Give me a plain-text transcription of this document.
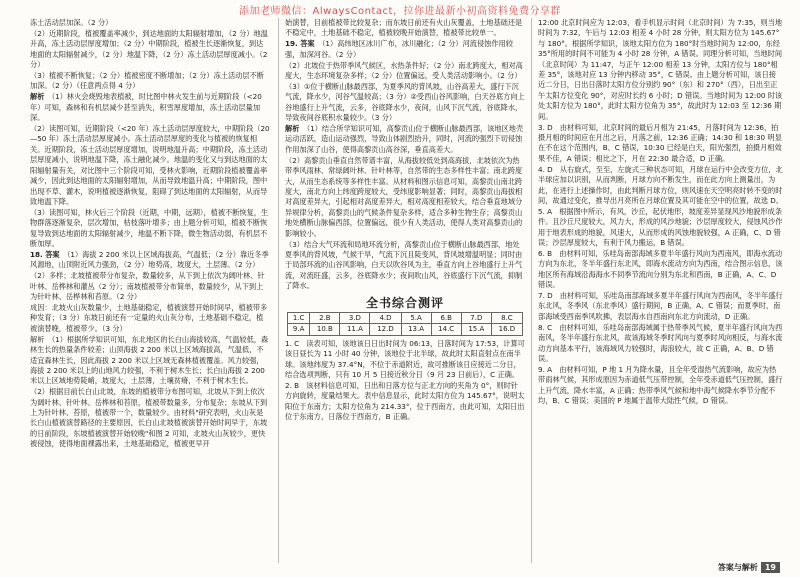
添加老师微信：AlwaysContact，拉你进最新小初高资料免费分享群

冻土活动层加深。（2 分）

（2）近期阶段，植被覆盖率减少，到达地面的太阳辐射增加，（2 分）地温升高，冻土活动层厚度增加；（2 分）中期阶段，植被生长逐渐恢复，到达地面的太阳辐射减少，（2 分）地温下降，（2 分）冻土活动层厚度减小。（2 分）

（3）植被不断恢复；（2 分）植被密度不断增加；（2 分）冻土活动层不断加深。（2 分）（任意两点得 4 分）

解析　（1）林火会烧毁地表植被，时比图中林火发生前与近期阶段（<20 年）可知，森林和有机层减少甚至消失，积雪厚度增加，冻土活动层量加深。

（2）读图可知，近期阶段（<20 年）冻土活动层厚度较大，中期阶段（20—50 年）冻土活动层厚度减小。冻土活动层厚度的变化与植被的恢复相关。近期阶段，冻土活动层厚度增加，说明地温升高；中期阶段，冻土活动层厚度减小，说明地温下降，冻土融化减少。地温的变化又与到达地面的太阳辐射量有关，对比图中三个阶段可知，受林火影响，近期阶段植被覆盖率减少，因此到达地面的太阳辐射增加，从而导致地温升高；中期阶段，图中出现不草、灌木，说明植被逐渐恢复，阻碍了到达地面的太阳辐射，从而导致地温下降。

（3）读图可知，林火后三个阶段（近期，中期，远期），植被不断恢复，生物群落逐渐复杂，层次增加，枯枝落叶增多；由上题分析可知，植被不断恢复导致到达地面的太阳辐射减少，地温不断下降，微生物活动弱，有机层不断加厚。

18. 答案　（1）海拔 2 200 米以上区域海拔高，气温低；（2 分）靠近冬季风源地，山顶附近风力强劲，（2 分）地势高，坡度大，土层薄。（2 分）

（2）多样；北坡植被带分布复杂，数量较多，从下到上依次为阔叶林、针叶林、岳桦林和灌丛（2 分）；南坡植被带分布简单，数量较少，从下到上为针叶林、岳桦林和苔原。（2 分）

成因：北坡火山灰数量少，土地基础稳定，植被演替开始时间早，植被带多种发育；（3 分）东坡日前还有一定量的火山灰分布，土地基础不稳定，植被演替晚，植被带少。（3 分）

解析　（1）根据所学知识可知，东北地区的长白山海拔较高，气温较低，森林生长的热量条件较差；山顶海拔 2 200 米以上区域海拔高，气温低，不适宜森林生长，因此海拔 2 200 米以上区域无森林植被覆盖。风力较强，海拔 2 200 米以上的山地风力较强，不利于树木生长；长白山海拔 2 200 米以上区域地势陡峭，坡度大，土层薄，土壤贫瘠，不利于树木生长。

（2）根据目前长白山北坡，东坡的植被带分布图可知，北坡从下到上依次为阔叶林、针叶林、岳桦林和苔原，植被带数量多，分布复杂；东坡从下到上为针叶林、苔原，植被带一个，数量较少。由材料"研究表明，火山灰是长白山植被演替路径的主要原因，长白山北坡植被演替开始时间早于，东坡的日前阶段，东坡植被演替开始较晚"和图 2 可知，北坡火山灰较少，更快被侵蚀，使得地面裸露出来，土地基础稳定，植被更早开

始演替，目前植被带比较复杂；而东坡日前还有火山灰覆盖，土地基础还是不稳定中，土地基础不稳定，植被较晚开始演替，植被带比较单一。

19. 答案　（1）高纬地区冰川广布，冰川融化；（2 分）河流侵蚀作用较强，加深河谷。（2 分）

（2）北坡位于热带季风气候区，水热条件好；（2 分）南北跨度大，相对高度大，生态环境复杂多样；（2 分）位置偏远，受人类活动影响小。（2 分）

（3）①位于横断山脉最西部，为夏季风的背风坡，山谷高差大，盛行下沉气流，降水少，河谷气温较高；（3 分）②受西山谷风影响，白天谷底方向上谷地盛行上升气流，云多，谷底降水少，夜间，山风下沉气流，谷底降水，导致夜间谷底积水量较少。（3 分）

解析　（1）结合所学知识可知，高黎贡山位于横断山脉最西部，该地区地壳运动活跃，造山运动强烈，导致山体剧烈抬升，同时，河流的强烈下切侵蚀作用加深了山谷，使得高黎贡山高谷深，垂直高差大。

（2）高黎贡山垂直自然带谱丰富，从海拔较低处到高海拔，北坡依次为热带季风雨林、常绿阔叶林、针叶林等，自然带的生态多样性丰富；南北跨度大，从而生态系统等多样性丰富。从材料和图示信息可知，高黎贡山南北跨度大，南北方向上纬度跨度较大，受纬度影响显著；同时，高黎贡山海拔相对高度差异大，引起相对高度差异大，相对高度相差较大，结合垂直地域分异规律分析，高黎贡山的气候条件复杂多样，适合多种生物生存；高黎贡山地处横断山脉偏西部，位置偏远，很少有人类活动，使得人类对高黎贡山的影响较小。

（3）结合大气环流和局地环流分析，高黎贡山位于横断山脉最西部，地处夏季风的背风坡，气候干旱，气流下沉且陡变风，背风坡增温明显；同时由于局部环流的山谷风影响，白天以吹谷风为主，垂直方向上谷地盛行上升气流，对流旺盛，云多，谷底降水少；夜间吹山风，谷底盛行下沉气流，抑制了降水。

全书综合测评
1.C	2.B	3.D	4.D	5.A	6.B	7.D	8.C
9.A	10.B	11.A	12.D	13.A	14.C	15.A	16.D

1. C　读表可知，该地该日日出时间为 06:13，日落时间为 17:53，计算可该日昼长为 11 小时 40 分钟，该地位于北半球，故此时太阳直射点在南半球。该地纬度为 37.4°N，不位于赤道附近，故可推断该日应接近二分日，结合选项判断，只有 10 月 5 日接近秋分日（9 月 23 日前后），C 正确。

2. B　该材料信息可知，日出和日落方位与正北方向的夹角为 0°，则时针方向旋转，度量结果大。表中信息显示，此时太阳方位为 145.67°，说明太阳位于东南方；太阳方位角为 214.33°，位于西南方，由此可知，太阳日出位于东南方，日落位于西南方，B 正确。

12:00 北京时间应为 12:03，看手机显示时间（北京时间）为 7:35，则当地时间为 7:32，午后与 12:03 相差 4 小时 28 分钟，则太阳方位为 145.67°与 180°。根据所学知识，该地太阳方位为 180°时当地时间为 12:00，东经 35°所用的时间不可能为 4 小时 28 分钟，A 错误。同理分析可知，当地时间（北京时间）为 11:47，与正午 12:00 相差 13 分钟，太阳方位与 180°相差 35°，该地对应 13 分钟内移动 35°，C 错误。由上题分析可知，该日接近二分日，日出日落时太阳方位分别约 90°（东）和 270°（西），日出至正午太阳方位变化 90°，对应时长约 6 小时；D 错误。当地时间为 12:00 时该处太阳方位为 180°，此时太阳方位角为 35°，故此时为 12:03 至 12:36 期间。

3. D　由材料可知，北京时间的最后月相为 21:45，月落时间为 12:36，拍摄月相的时间应在月出之后，月落之前，12:36 正确；14:30 和 18:30 明显在不在这个范围内，B、C 错误，10:30 已经是白天，阳光强烈，拍摄月相效果不佳，A 错误；相比之下，月在 22:30 最合适，D 正确。

4. D　从右旋式，至至，左旋式三种状态可知，月球在运行中会改变方位，北半球应加以识别，从而判断，月球方向不断发生，而在此方向上测量出，为此，在进行上述操作时，由此判断月球方位，则风速在天空明亮时转不变的时间，故通过变化，推导出月亮所在月球位置及其可能在空中的位置，故选 D。

5. A　根据图中所示，有风，沙丘，起伏地形，坡度差异显现风沙地貌形成条件。且沙丘尺度较大，风力大，形成的风沙地貌；沙层厚度较大，侵蚀风沙作用于地表形成的地貌，风速大，从而形成的风蚀地貌较强，A 正确，C、D 错误；沙层厚度较大，有利于风力搬运，B 错误。

6. B　由材料可知，乐哇岛南部海域多夏半年盛行风向为西南风，即海水流动方向为东北，冬半年盛行东北风，即海水流动方向为西南，结合图示信息，该地区所有海域沿海海水不同季节流向分别为东北和西南，B 正确，A、C、D 错误。

7. D　由材料可知，乐哇岛南部海域多夏半年盛行风向为西南风，冬半年盛行东北风，冬季风（东北季风）盛行期间，B 正确，A、C 错误；而夏季时，南部海域受西南季风吹拂，表层海水自西南向东北方向流动，D 正确。

8. C　由材料可知，乐哇岛南部海域属于热带季风气候，夏半年盛行风向为西南风，冬半年盛行东北风，故该海域冬季时风向与夏季时风向相反，与海水流动方向基本平行，该海域风力较强时，海浪较大，故 C 正确，A、B、D 错误。

9. A　由材料可知，P 地 1 月为降水量，且全年受湿热气流影响，故应为热带雨林气候，其形成原因为赤道低气压带控制，全年受赤道低气压控制，盛行上升气流，降水丰富，A 正确；热带季风气候和地中海气候降水季节分配不均，B、C 错误；美国的 P 地属于温带大陆性气候，D 错误。

答案与解析 19
